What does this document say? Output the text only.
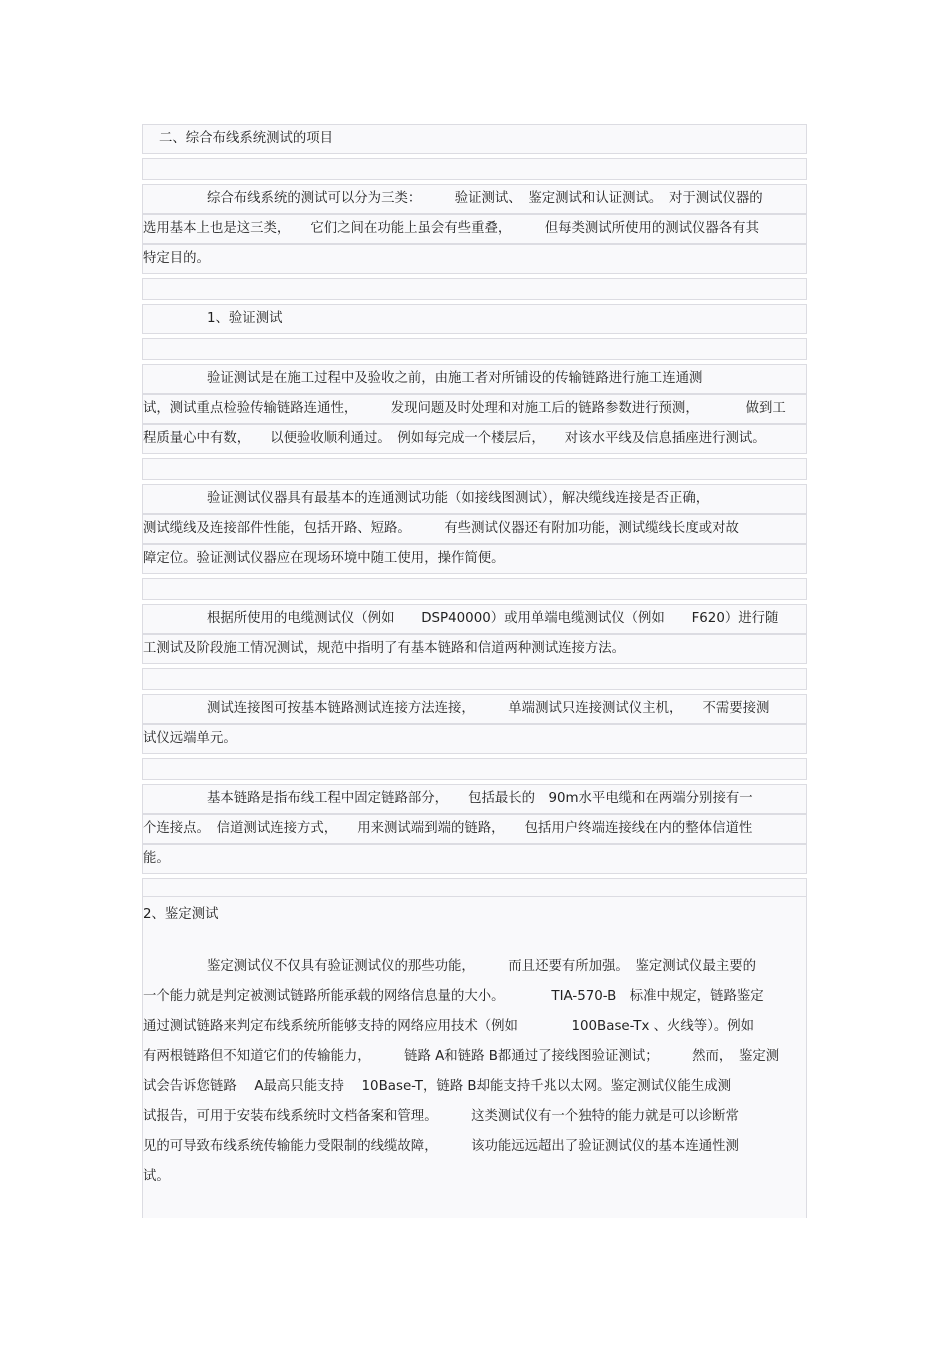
二、综合布线系统测试的项目
综合布线系统的测试可以分为三类：　　　验证测试、　鉴定测试和认证测试。　对于测试仪器的
选用基本上也是这三类，　　它们之间在功能上虽会有些重叠，　　　但每类测试所使用的测试仪器各有其
特定目的。
1、验证测试
验证测试是在施工过程中及验收之前，由施工者对所铺设的传输链路进行施工连通测
试，测试重点检验传输链路连通性，　　　发现问题及时处理和对施工后的链路参数进行预测，　　　　做到工
程质量心中有数，　　以便验收顺利通过。　例如每完成一个楼层后，　　对该水平线及信息插座进行测试。
验证测试仪器具有最基本的连通测试功能（如接线图测试），解决缆线连接是否正确，
测试缆线及连接部件性能，包括开路、短路。　　　有些测试仪器还有附加功能，测试缆线长度或对故
障定位。验证测试仪器应在现场环境中随工使用，操作简便。
根据所使用的电缆测试仪（例如　　DSP40000）或用单端电缆测试仪（例如　　F620）进行随
工测试及阶段施工情况测试，规范中指明了有基本链路和信道两种测试连接方法。
测试连接图可按基本链路测试连接方法连接，　　　单端测试只连接测试仪主机，　　不需要接测
试仪远端单元。
基本链路是指布线工程中固定链路部分，　　包括最长的　90m水平电缆和在两端分别接有一
个连接点。　信道测试连接方式，　　用来测试端到端的链路，　　包括用户终端连接线在内的整体信道性
能。
2、鉴定测试
鉴定测试仪不仅具有验证测试仪的那些功能，　　　而且还要有所加强。　鉴定测试仪最主要的
一个能力就是判定被测试链路所能承载的网络信息量的大小。　　　　TIA-570-B　标准中规定，链路鉴定
通过测试链路来判定布线系统所能够支持的网络应用技术（例如　　　　100Base-Tx 、火线等）。例如
有两根链路但不知道它们的传输能力，　　　链路 A和链路 B都通过了接线图验证测试；　　　然而，　鉴定测
试会告诉您链路　 A最高只能支持　 10Base-T，链路 B却能支持千兆以太网。鉴定测试仪能生成测
试报告，可用于安装布线系统时文档备案和管理。　　　这类测试仪有一个独特的能力就是可以诊断常
见的可导致布线系统传输能力受限制的线缆故障，　　　该功能远远超出了验证测试仪的基本连通性测
试。
